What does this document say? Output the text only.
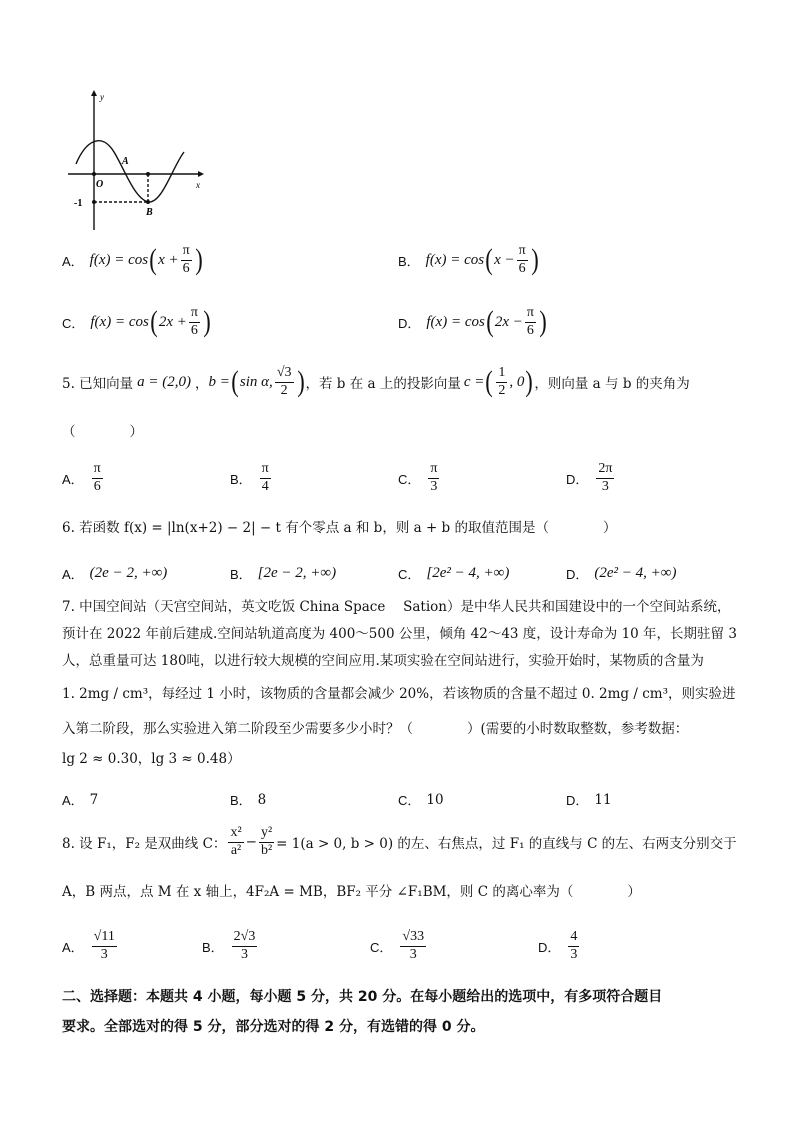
y
x
O
A
B
-1
A． f(x) = cos ( $x + \frac{\pi}{6}$ )	B． f(x) = cos ( $x - \frac{\pi}{6}$ )
C． f(x) = cos ( $2x + \frac{\pi}{6}$ )	D． f(x) = cos ( $2x - \frac{\pi}{6}$ )
5. 已知向量 a = (2,0) ， b = ( sin α, $\frac{√3}{2}$ ) ，若 b 在 a 上的投影向量 c = ( $\frac{1}{2}$ , 0 ) ，则向量 a 与 b 的夹角为
（　　　　）
A． $\frac{\pi}{6}$	B． $\frac{\pi}{4}$	C． $\frac{\pi}{3}$	D． $\frac{2\pi}{3}$
6. 若函数 f(x) = |ln(x+2) − 2| − t 有个零点 a 和 b，则 a + b 的取值范围是（　　　　）
A． (2e − 2, +∞)	B． [2e − 2, +∞)	C． [2e² − 4, +∞)	D． (2e² − 4, +∞)
7. 中国空间站（天宫空间站，英文吃饭 China Space　 Sation）是中华人民共和国建设中的一个空间站系统，
预计在 2022 年前后建成.空间站轨道高度为 400～500 公里，倾角 42～43 度，设计寿命为 10 年，长期驻留 3
人，总重量可达 180吨，以进行较大规模的空间应用.某项实验在空间站进行，实验开始时，某物质的含量为
1. 2mg / cm³，每经过 1 小时，该物质的含量都会减少 20%，若该物质的含量不超过 0. 2mg / cm³，则实验进
入第二阶段，那么实验进入第二阶段至少需要多少小时？（　　　　）(需要的小时数取整数，参考数据：
lg 2 ≈ 0.30，lg 3 ≈ 0.48）
A． 7	B． 8	C． 10	D． 11
8. 设 F₁，F₂ 是双曲线 C： $\frac{\text{x²}}{\text{a²}} - \frac{\text{y²}}{\text{b²}} = 1(a > 0$, b > 0) 的左、右焦点，过 F₁ 的直线与 C 的左、右两支分别交于
A，B 两点，点 M 在 x 轴上，4F₂A = MB，BF₂ 平分 ∠F₁BM，则 C 的离心率为（　　　　）
A． $\frac{√11}{3}$	B． $\frac{2√3}{3}$	C． $\frac{√33}{3}$	D． $\frac{4}{3}$
二、选择题：本题共 4 小题，每小题 5 分，共 20 分。在每小题给出的选项中，有多项符合题目
要求。全部选对的得 5 分，部分选对的得 2 分，有选错的得 0 分。
